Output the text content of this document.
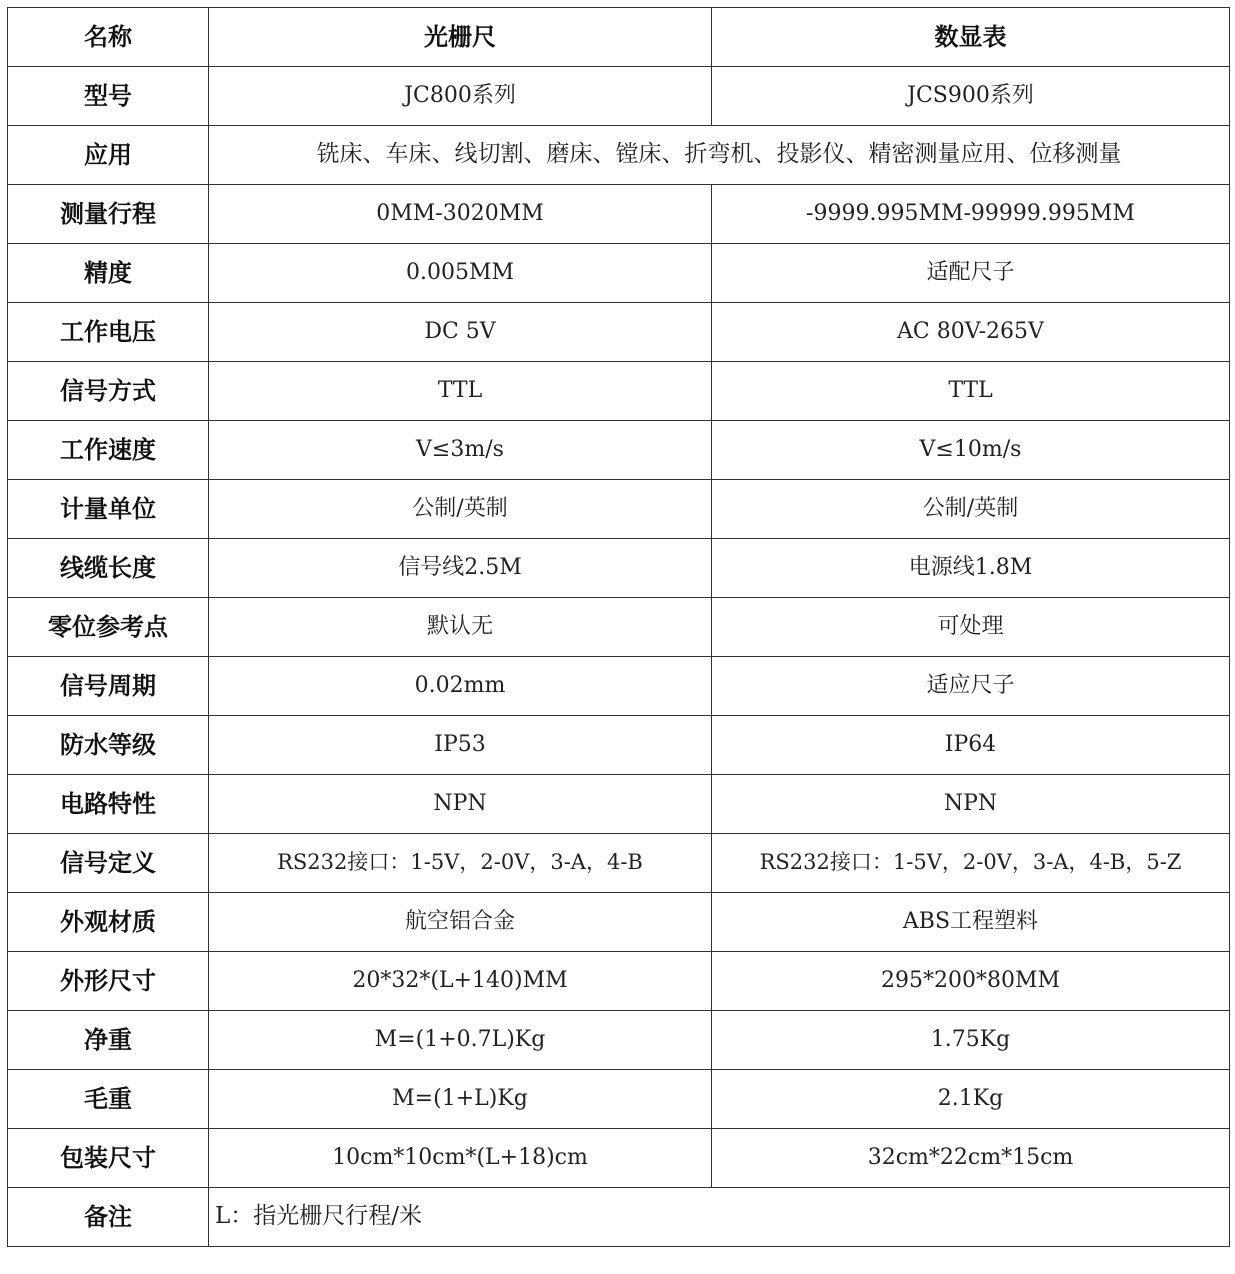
名称	光栅尺	数显表
型号	JC800系列	JCS900系列
应用	铣床、车床、线切割、磨床、镗床、折弯机、投影仪、精密测量应用、位移测量	
测量行程	0MM-3020MM	-9999.995MM-99999.995MM
精度	0.005MM	适配尺子
工作电压	DC 5V	AC 80V-265V
信号方式	TTL	TTL
工作速度	V≤3m/s	V≤10m/s
计量单位	公制/英制	公制/英制
线缆长度	信号线2.5M	电源线1.8M
零位参考点	默认无	可处理
信号周期	0.02mm	适应尺子
防水等级	IP53	IP64
电路特性	NPN	NPN
信号定义	RS232接口：1-5V，2-0V，3-A，4-B	RS232接口：1-5V，2-0V，3-A，4-B，5-Z
外观材质	航空铝合金	ABS工程塑料
外形尺寸	20*32*(L+140)MM	295*200*80MM
净重	M=(1+0.7L)Kg	1.75Kg
毛重	M=(1+L)Kg	2.1Kg
包装尺寸	10cm*10cm*(L+18)cm	32cm*22cm*15cm
备注	L：指光栅尺行程/米	
